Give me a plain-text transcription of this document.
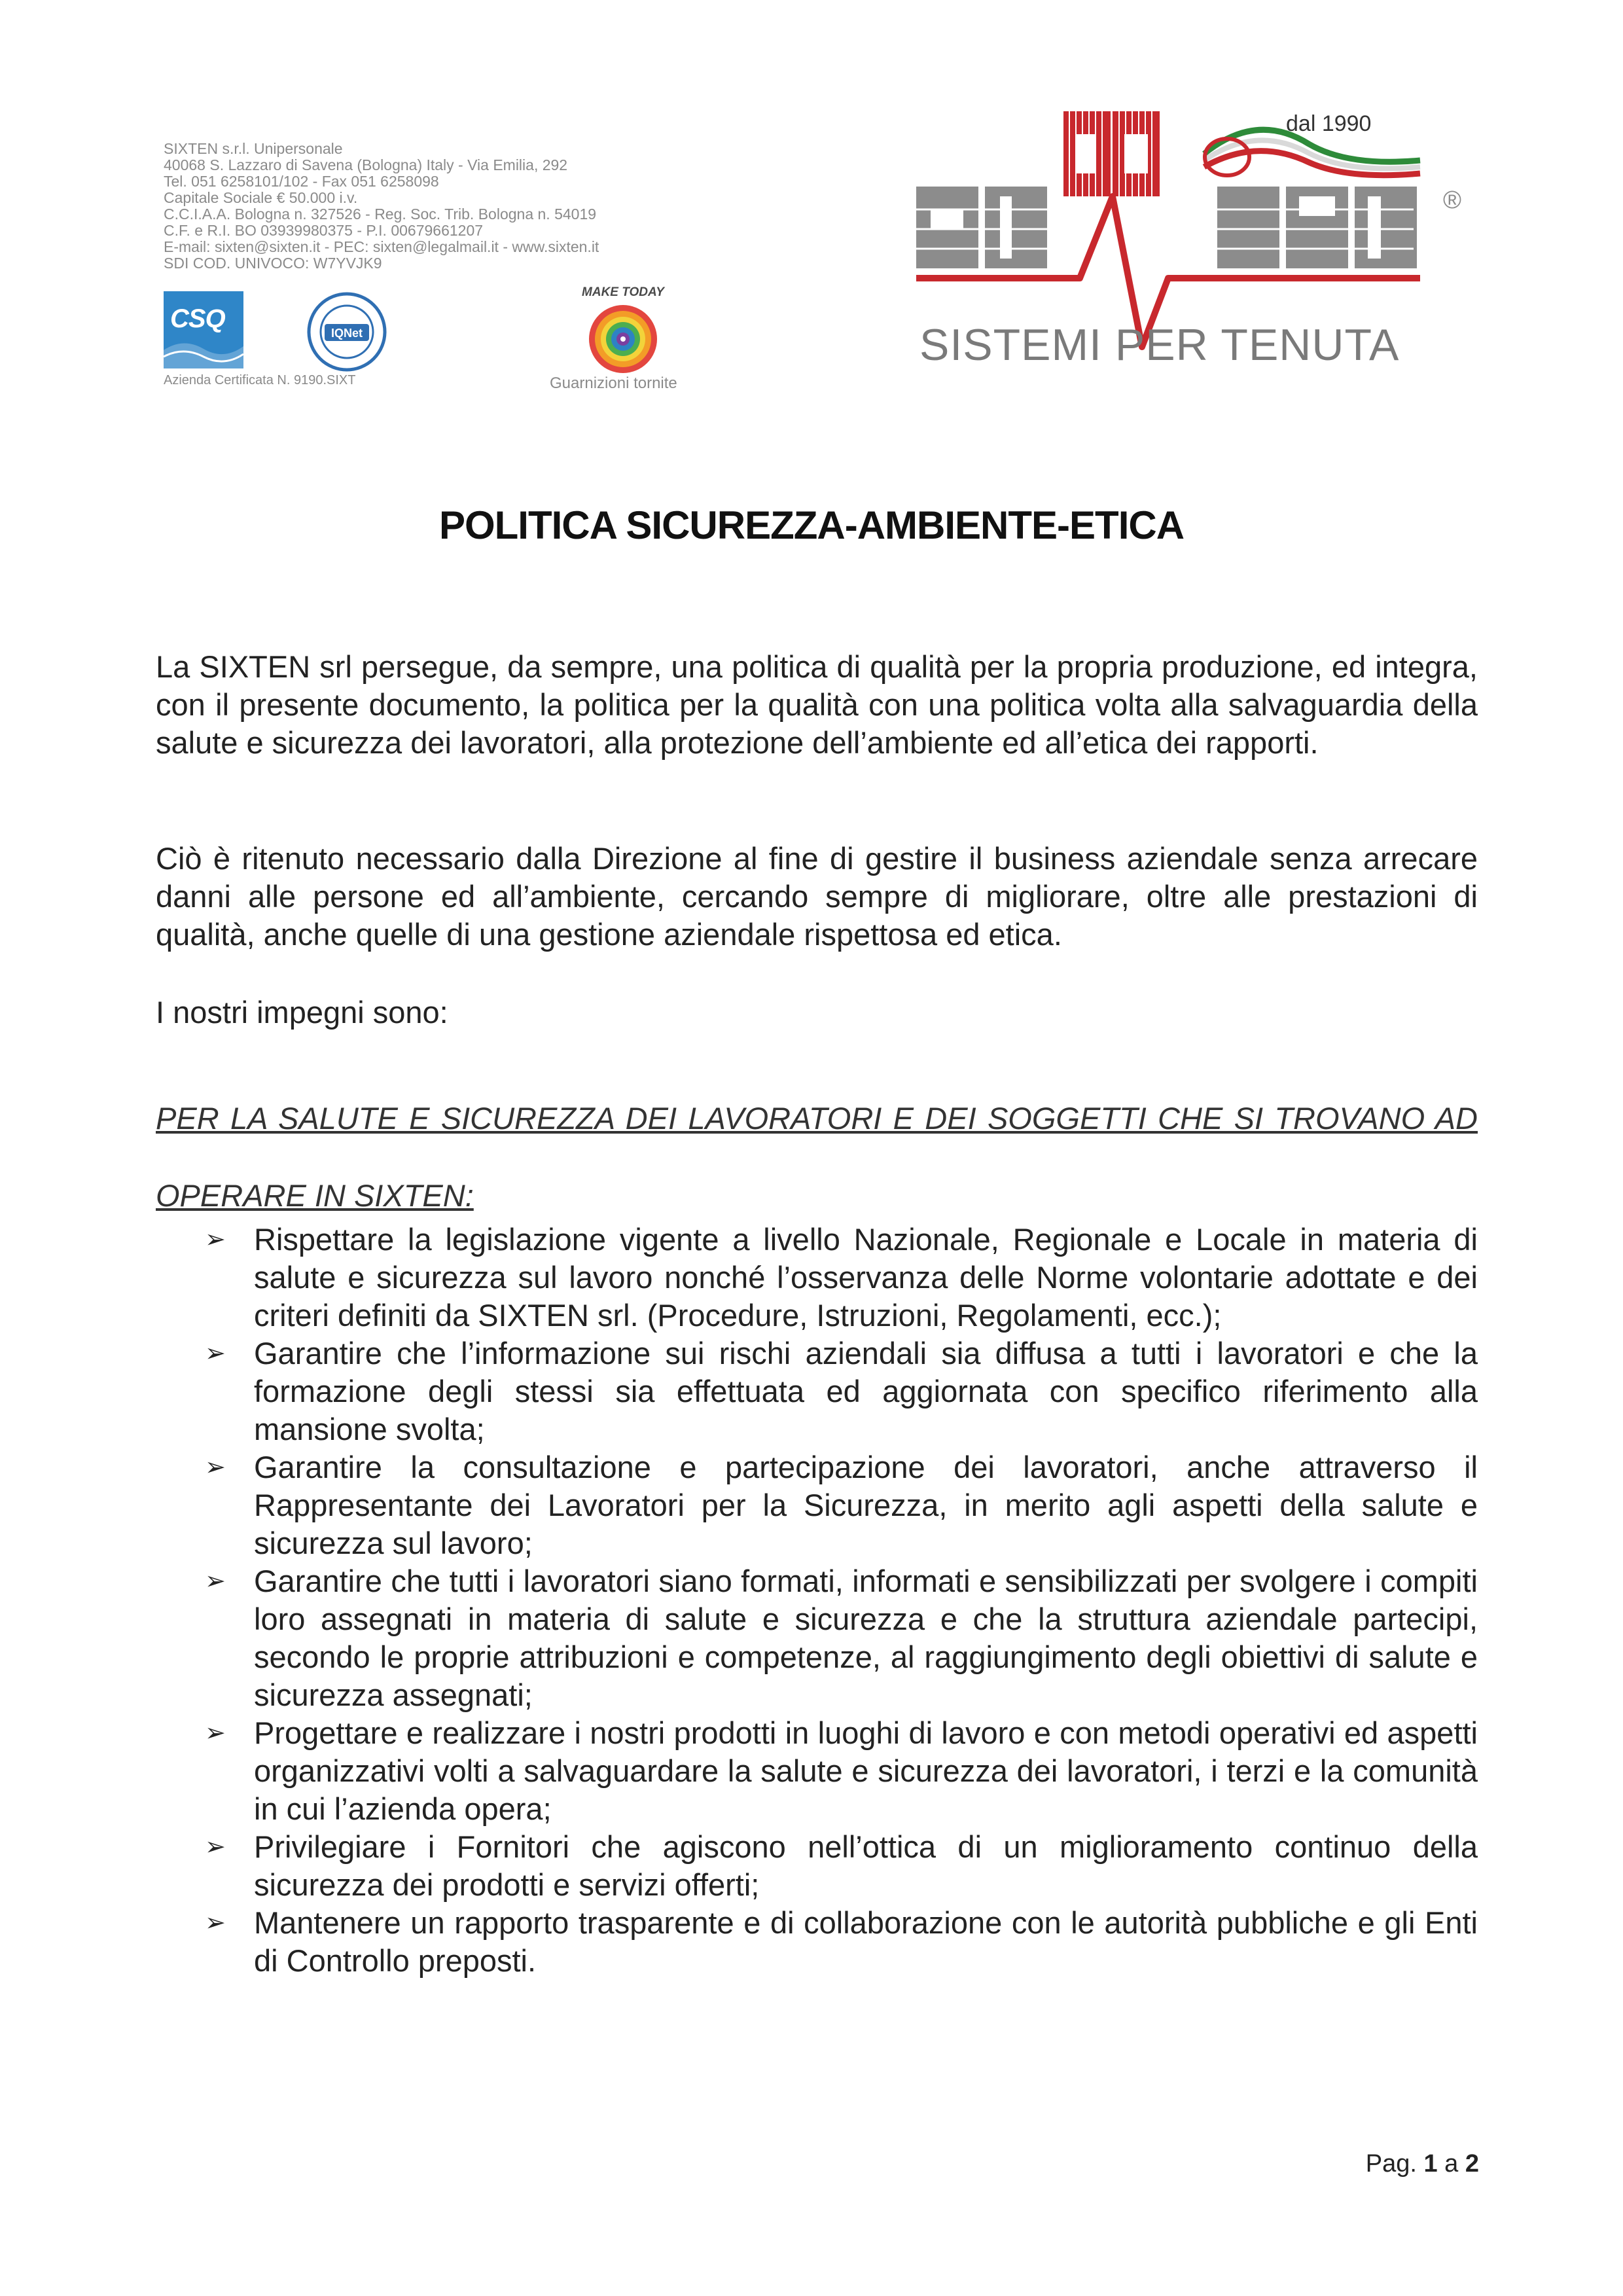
SIXTEN s.r.l. Unipersonale
40068 S. Lazzaro di Savena (Bologna) Italy - Via Emilia, 292
Tel. 051 6258101/102 - Fax 051 6258098
Capitale Sociale € 50.000 i.v.
C.C.I.A.A. Bologna n. 327526 - Reg. Soc. Trib. Bologna n. 54019
C.F. e R.I. BO 03939980375 - P.I. 00679661207
E-mail: sixten@sixten.it - PEC: sixten@legalmail.it - www.sixten.it
SDI COD. UNIVOCO: W7YVJK9
CSQ	IQNet
Azienda Certificata N. 9190.SIXT
MAKE TODAY
Guarnizioni tornite
dal 1990
®
SISTEMI PER TENUTA
POLITICA SICUREZZA-AMBIENTE-ETICA
La SIXTEN srl persegue, da sempre, una politica di qualità per la propria produzione, ed integra, con il presente documento, la politica per la qualità con una politica volta alla salvaguardia della salute e sicurezza dei lavoratori, alla protezione dell’ambiente ed all’etica dei rapporti.
Ciò è ritenuto necessario dalla Direzione al fine di gestire il business aziendale senza arrecare danni alle persone ed all’ambiente, cercando sempre di migliorare, oltre alle prestazioni di qualità, anche quelle di una gestione aziendale rispettosa ed etica.
I nostri impegni sono:
PER LA SALUTE E SICUREZZA DEI LAVORATORI E DEI SOGGETTI CHE SI TROVANO AD OPERARE IN SIXTEN:
➢ Rispettare la legislazione vigente a livello Nazionale, Regionale e Locale in materia di salute e sicurezza sul lavoro nonché l’osservanza delle Norme volontarie adottate e dei criteri definiti da SIXTEN srl. (Procedure, Istruzioni, Regolamenti, ecc.);
➢ Garantire che l’informazione sui rischi aziendali sia diffusa a tutti i lavoratori e che la formazione degli stessi sia effettuata ed aggiornata con specifico riferimento alla mansione svolta;
➢ Garantire la consultazione e partecipazione dei lavoratori, anche attraverso il Rappresentante dei Lavoratori per la Sicurezza, in merito agli aspetti della salute e sicurezza sul lavoro;
➢ Garantire che tutti i lavoratori siano formati, informati e sensibilizzati per svolgere i compiti loro assegnati in materia di salute e sicurezza e che la struttura aziendale partecipi, secondo le proprie attribuzioni e competenze, al raggiungimento degli obiettivi di salute e sicurezza assegnati;
➢ Progettare e realizzare i nostri prodotti in luoghi di lavoro e con metodi operativi ed aspetti organizzativi volti a salvaguardare la salute e sicurezza dei lavoratori, i terzi e la comunità in cui l’azienda opera;
➢ Privilegiare i Fornitori che agiscono nell’ottica di un miglioramento continuo della sicurezza dei prodotti e servizi offerti;
➢ Mantenere un rapporto trasparente e di collaborazione con le autorità pubbliche e gli Enti di Controllo preposti.
Pag. 1 a 2
